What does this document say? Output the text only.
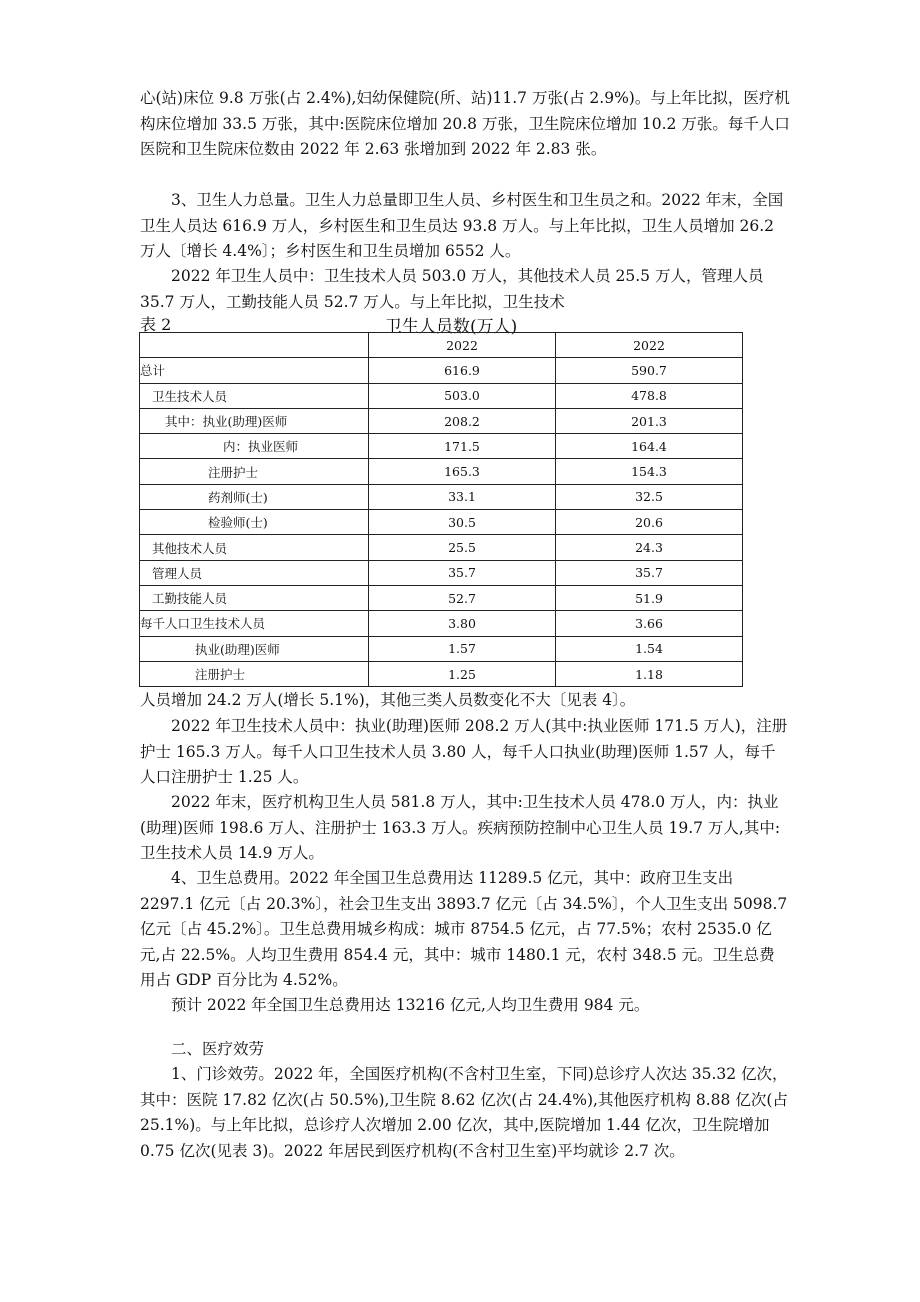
心(站)床位 9.8 万张(占 2.4%),妇幼保健院(所、站)11.7 万张(占 2.9%)。与上年比拟，医疗机构床位增加 33.5 万张，其中:医院床位增加 20.8 万张，卫生院床位增加 10.2 万张。每千人口医院和卫生院床位数由 2022 年 2.63 张增加到 2022 年 2.83 张。

3、卫生人力总量。卫生人力总量即卫生人员、乡村医生和卫生员之和。2022 年末，全国卫生人员达 616.9 万人，乡村医生和卫生员达 93.8 万人。与上年比拟，卫生人员增加 26.2 万人〔增长 4.4%〕；乡村医生和卫生员增加 6552 人。

2022 年卫生人员中：卫生技术人员 503.0 万人，其他技术人员 25.5 万人，管理人员 35.7 万人，工勤技能人员 52.7 万人。与上年比拟，卫生技术

表 2	卫生人员数(万人)
	2022	2022
总计	616.9	590.7
卫生技术人员	503.0	478.8
其中：执业(助理)医师	208.2	201.3
内：执业医师	171.5	164.4
注册护士	165.3	154.3
药剂师(士)	33.1	32.5
检验师(士)	30.5	20.6
其他技术人员	25.5	24.3
管理人员	35.7	35.7
工勤技能人员	52.7	51.9
每千人口卫生技术人员	3.80	3.66
执业(助理)医师	1.57	1.54
注册护士	1.25	1.18

人员增加 24.2 万人(增长 5.1%)，其他三类人员数变化不大〔见表 4〕。

2022 年卫生技术人员中：执业(助理)医师 208.2 万人(其中:执业医师 171.5 万人)，注册护士 165.3 万人。每千人口卫生技术人员 3.80 人，每千人口执业(助理)医师 1.57 人，每千人口注册护士 1.25 人。

2022 年末，医疗机构卫生人员 581.8 万人，其中:卫生技术人员 478.0 万人，内：执业(助理)医师 198.6 万人、注册护士 163.3 万人。疾病预防控制中心卫生人员 19.7 万人,其中:卫生技术人员 14.9 万人。

4、卫生总费用。2022 年全国卫生总费用达 11289.5 亿元，其中：政府卫生支出 2297.1 亿元〔占 20.3%〕，社会卫生支出 3893.7 亿元〔占 34.5%〕，个人卫生支出 5098.7 亿元〔占 45.2%〕。卫生总费用城乡构成：城市 8754.5 亿元，占 77.5%；农村 2535.0 亿元,占 22.5%。人均卫生费用 854.4 元，其中：城市 1480.1 元，农村 348.5 元。卫生总费用占 GDP 百分比为 4.52%。

预计 2022 年全国卫生总费用达 13216 亿元,人均卫生费用 984 元。

二、医疗效劳

1、门诊效劳。2022 年，全国医疗机构(不含村卫生室，下同)总诊疗人次达 35.32 亿次，其中：医院 17.82 亿次(占 50.5%),卫生院 8.62 亿次(占 24.4%),其他医疗机构 8.88 亿次(占 25.1%)。与上年比拟，总诊疗人次增加 2.00 亿次，其中,医院增加 1.44 亿次，卫生院增加 0.75 亿次(见表 3)。2022 年居民到医疗机构(不含村卫生室)平均就诊 2.7 次。
